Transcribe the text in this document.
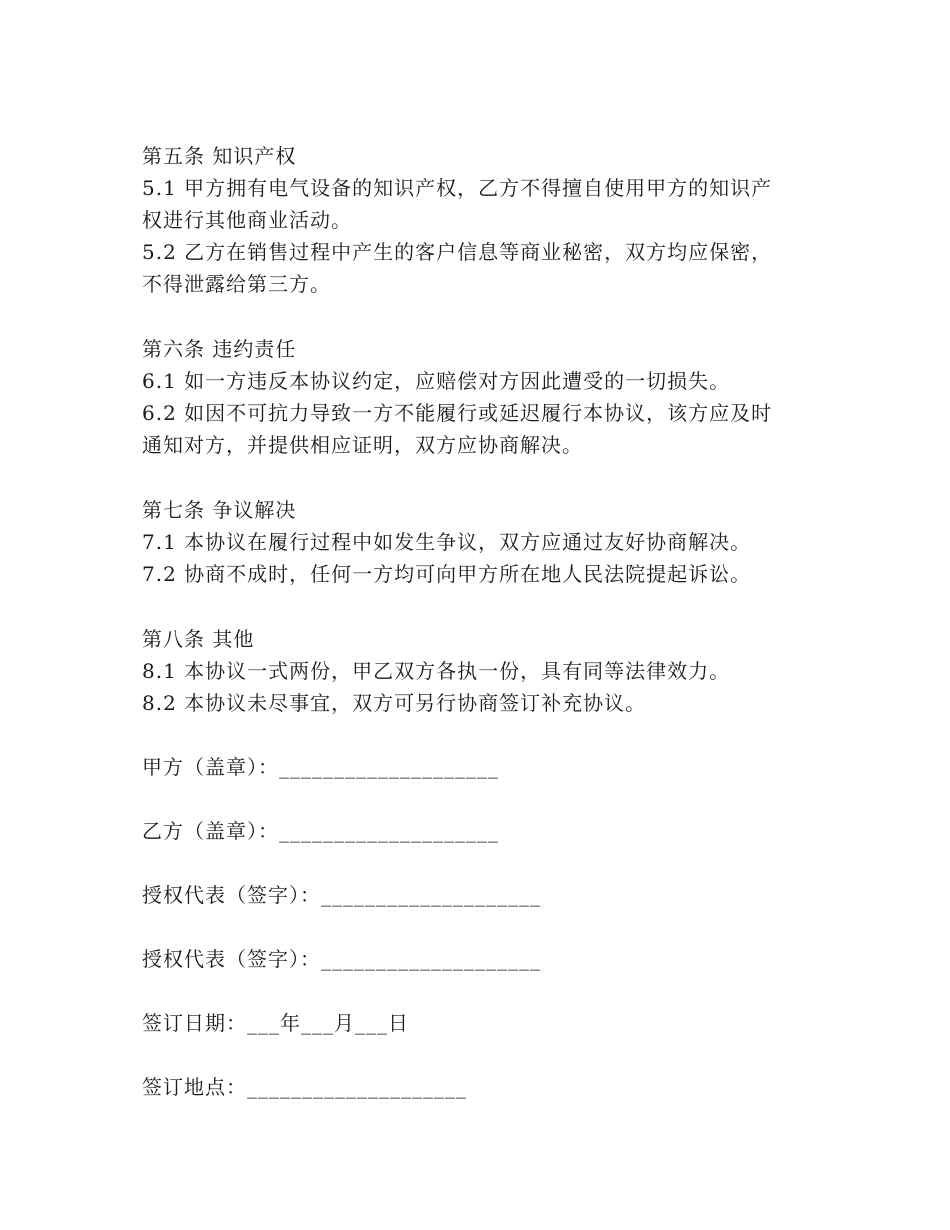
第五条 知识产权
5.1 甲方拥有电气设备的知识产权，乙方不得擅自使用甲方的知识产
权进行其他商业活动。
5.2 乙方在销售过程中产生的客户信息等商业秘密，双方均应保密，
不得泄露给第三方。
第六条 违约责任
6.1 如一方违反本协议约定，应赔偿对方因此遭受的一切损失。
6.2 如因不可抗力导致一方不能履行或延迟履行本协议，该方应及时
通知对方，并提供相应证明，双方应协商解决。
第七条 争议解决
7.1 本协议在履行过程中如发生争议，双方应通过友好协商解决。
7.2 协商不成时，任何一方均可向甲方所在地人民法院提起诉讼。
第八条 其他
8.1 本协议一式两份，甲乙双方各执一份，具有同等法律效力。
8.2 本协议未尽事宜，双方可另行协商签订补充协议。
甲方（盖章）：____________________
乙方（盖章）：____________________
授权代表（签字）：____________________
授权代表（签字）：____________________
签订日期：___年___月___日
签订地点：____________________
